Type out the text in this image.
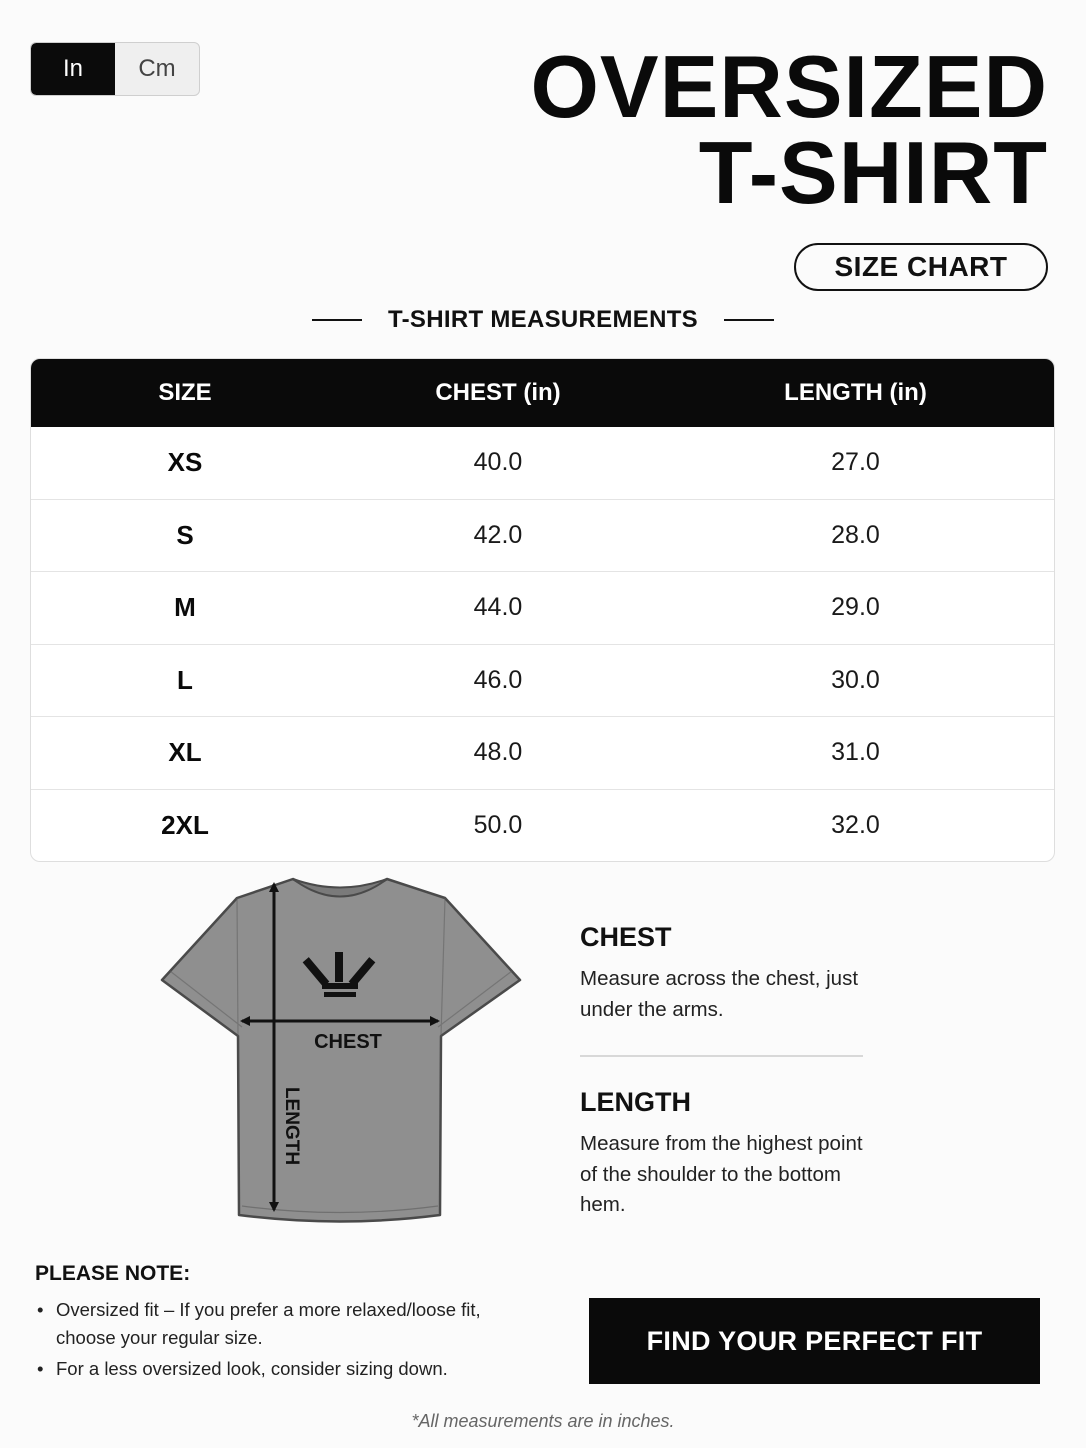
In	Cm	OVERSIZED
T-SHIRT
SIZE CHART
T-SHIRT MEASUREMENTS
SIZE	CHEST (in)	LENGTH (in)
XS	40.0	27.0
S	42.0	28.0
M	44.0	29.0
L	46.0	30.0
XL	48.0	31.0
2XL	50.0	32.0
CHEST
LENGTH
CHEST

Measure across the chest, just under the arms.

LENGTH

Measure from the highest point of the shoulder to the bottom hem.

PLEASE NOTE:
• Oversized fit – If you prefer a more relaxed/loose fit, choose your regular size.
• For a less oversized look, consider sizing down.
FIND YOUR PERFECT FIT

*All measurements are in inches.
